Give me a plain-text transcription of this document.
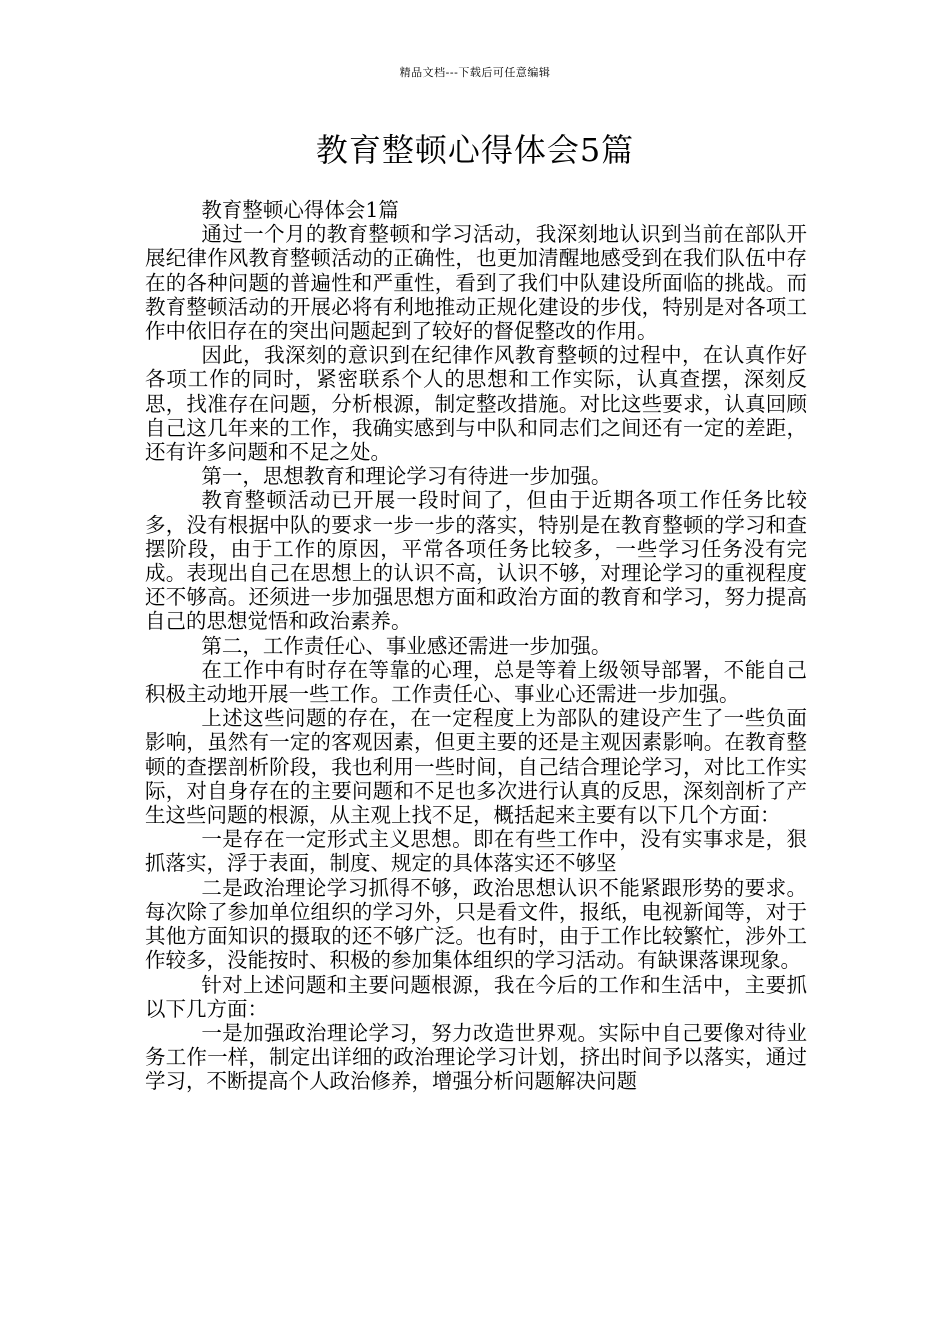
精品文档---下载后可任意编辑
教育整顿心得体会5篇

教育整顿心得体会1篇

通过一个月的教育整顿和学习活动，我深刻地认识到当前在部队开展纪律作风教育整顿活动的正确性，也更加清醒地感受到在我们队伍中存在的各种问题的普遍性和严重性，看到了我们中队建设所面临的挑战。而教育整顿活动的开展必将有利地推动正规化建设的步伐，特别是对各项工作中依旧存在的突出问题起到了较好的督促整改的作用。

因此，我深刻的意识到在纪律作风教育整顿的过程中，在认真作好各项工作的同时，紧密联系个人的思想和工作实际，认真查摆，深刻反思，找准存在问题，分析根源，制定整改措施。对比这些要求，认真回顾自己这几年来的工作，我确实感到与中队和同志们之间还有一定的差距，还有许多问题和不足之处。

第一，思想教育和理论学习有待进一步加强。

教育整顿活动已开展一段时间了，但由于近期各项工作任务比较多，没有根据中队的要求一步一步的落实，特别是在教育整顿的学习和查摆阶段，由于工作的原因，平常各项任务比较多，一些学习任务没有完成。表现出自己在思想上的认识不高，认识不够，对理论学习的重视程度还不够高。还须进一步加强思想方面和政治方面的教育和学习，努力提高自己的思想觉悟和政治素养。

第二，工作责任心、事业感还需进一步加强。

在工作中有时存在等靠的心理，总是等着上级领导部署，不能自己积极主动地开展一些工作。工作责任心、事业心还需进一步加强。

上述这些问题的存在，在一定程度上为部队的建设产生了一些负面影响，虽然有一定的客观因素，但更主要的还是主观因素影响。在教育整顿的查摆剖析阶段，我也利用一些时间，自己结合理论学习，对比工作实际，对自身存在的主要问题和不足也多次进行认真的反思，深刻剖析了产生这些问题的根源，从主观上找不足，概括起来主要有以下几个方面：

一是存在一定形式主义思想。即在有些工作中，没有实事求是，狠抓落实，浮于表面，制度、规定的具体落实还不够坚

二是政治理论学习抓得不够，政治思想认识不能紧跟形势的要求。每次除了参加单位组织的学习外，只是看文件，报纸，电视新闻等，对于其他方面知识的摄取的还不够广泛。也有时，由于工作比较繁忙，涉外工作较多，没能按时、积极的参加集体组织的学习活动。有缺课落课现象。

针对上述问题和主要问题根源，我在今后的工作和生活中，主要抓以下几方面：

一是加强政治理论学习，努力改造世界观。实际中自己要像对待业务工作一样，制定出详细的政治理论学习计划，挤出时间予以落实，通过学习，不断提高个人政治修养，增强分析问题解决问题
